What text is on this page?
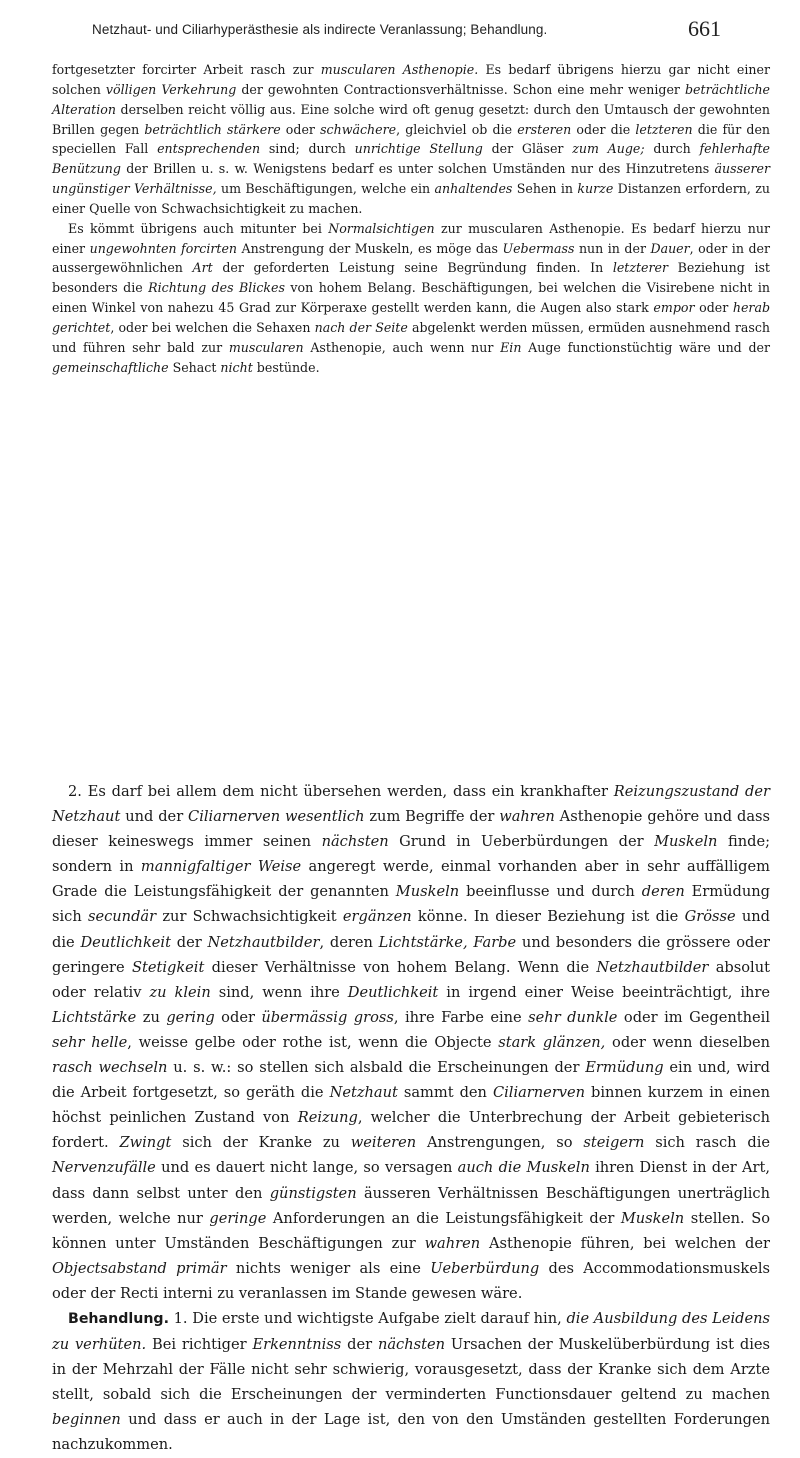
Netzhaut- und Ciliarhyperästhesie als indirecte Veranlassung; Behandlung.	661

fortgesetzter forcirter Arbeit rasch zur muscularen Asthenopie. Es bedarf übrigens hierzu gar nicht einer solchen völligen Verkehrung der gewohnten Contractionsverhältnisse. Schon eine mehr weniger beträchtliche Alteration derselben reicht völlig aus. Eine solche wird oft genug gesetzt: durch den Umtausch der gewohnten Brillen gegen beträchtlich stärkere oder schwächere, gleichviel ob die ersteren oder die letzteren die für den speciellen Fall entsprechenden sind; durch unrichtige Stellung der Gläser zum Auge; durch fehlerhafte Benützung der Brillen u. s. w. Wenigstens bedarf es unter solchen Umständen nur des Hinzutretens äusserer ungünstiger Verhältnisse, um Beschäftigungen, welche ein anhaltendes Sehen in kurze Distanzen erfordern, zu einer Quelle von Schwachsichtigkeit zu machen.

Es kömmt übrigens auch mitunter bei Normalsichtigen zur muscularen Asthenopie. Es bedarf hierzu nur einer ungewohnten forcirten Anstrengung der Muskeln, es möge das Uebermass nun in der Dauer, oder in der aussergewöhnlichen Art der geforderten Leistung seine Begründung finden. In letzterer Beziehung ist besonders die Richtung des Blickes von hohem Belang. Beschäftigungen, bei welchen die Visirebene nicht in einen Winkel von nahezu 45 Grad zur Körperaxe gestellt werden kann, die Augen also stark empor oder herab gerichtet, oder bei welchen die Sehaxen nach der Seite abgelenkt werden müssen, ermüden ausnehmend rasch und führen sehr bald zur muscularen Asthenopie, auch wenn nur Ein Auge functionstüchtig wäre und der gemeinschaftliche Sehact nicht bestünde.

2. Es darf bei allem dem nicht übersehen werden, dass ein krankhafter Reizungszustand der Netzhaut und der Ciliarnerven wesentlich zum Begriffe der wahren Asthenopie gehöre und dass dieser keineswegs immer seinen nächsten Grund in Ueberbürdungen der Muskeln finde; sondern in mannigfaltiger Weise angeregt werde, einmal vorhanden aber in sehr auffälligem Grade die Leistungsfähigkeit der genannten Muskeln beeinflusse und durch deren Ermüdung sich secundär zur Schwachsichtigkeit ergänzen könne. In dieser Beziehung ist die Grösse und die Deutlichkeit der Netzhautbilder, deren Lichtstärke, Farbe und besonders die grössere oder geringere Stetigkeit dieser Verhältnisse von hohem Belang. Wenn die Netzhautbilder absolut oder relativ zu klein sind, wenn ihre Deutlichkeit in irgend einer Weise beeinträchtigt, ihre Lichtstärke zu gering oder übermässig gross, ihre Farbe eine sehr dunkle oder im Gegentheil sehr helle, weisse gelbe oder rothe ist, wenn die Objecte stark glänzen, oder wenn dieselben rasch wechseln u. s. w.: so stellen sich alsbald die Erscheinungen der Ermüdung ein und, wird die Arbeit fortgesetzt, so geräth die Netzhaut sammt den Ciliarnerven binnen kurzem in einen höchst peinlichen Zustand von Reizung, welcher die Unterbrechung der Arbeit gebieterisch fordert. Zwingt sich der Kranke zu weiteren Anstrengungen, so steigern sich rasch die Nervenzufälle und es dauert nicht lange, so versagen auch die Muskeln ihren Dienst in der Art, dass dann selbst unter den günstigsten äusseren Verhältnissen Beschäftigungen unerträglich werden, welche nur geringe Anforderungen an die Leistungsfähigkeit der Muskeln stellen. So können unter Umständen Beschäftigungen zur wahren Asthenopie führen, bei welchen der Objectsabstand primär nichts weniger als eine Ueberbürdung des Accommodationsmuskels oder der Recti interni zu veranlassen im Stande gewesen wäre.

Behandlung. 1. Die erste und wichtigste Aufgabe zielt darauf hin, die Ausbildung des Leidens zu verhüten. Bei richtiger Erkenntniss der nächsten Ursachen der Muskelüberbürdung ist dies in der Mehrzahl der Fälle nicht sehr schwierig, vorausgesetzt, dass der Kranke sich dem Arzte stellt, sobald sich die Erscheinungen der verminderten Functionsdauer geltend zu machen beginnen und dass er auch in der Lage ist, den von den Umständen gestellten Forderungen nachzukommen.
